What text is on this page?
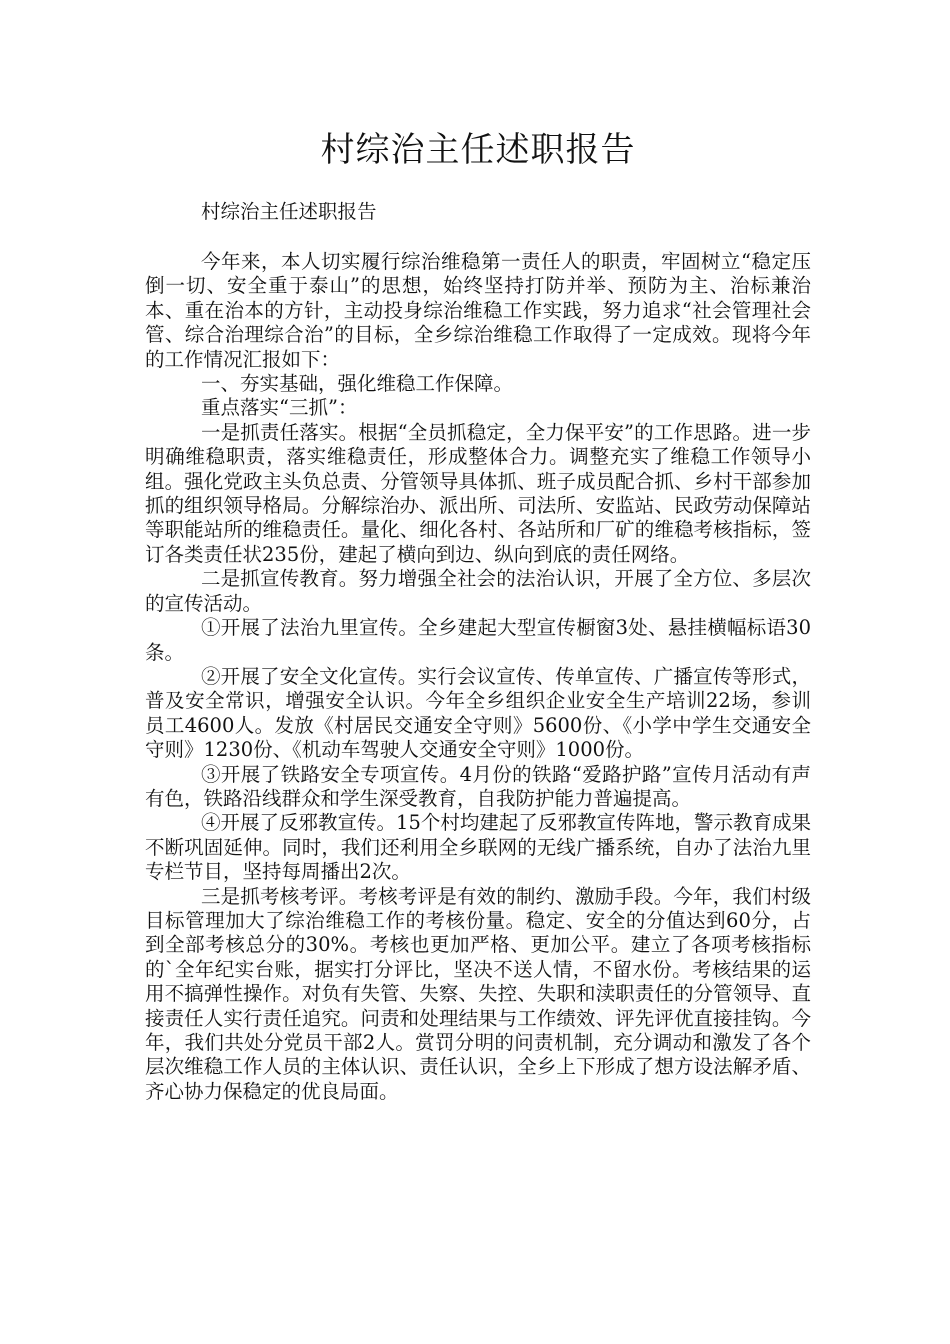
村综治主任述职报告

村综治主任述职报告

今年来，本人切实履行综治维稳第一责任人的职责，牢固树立“稳定压倒一切、安全重于泰山”的思想，始终坚持打防并举、预防为主、治标兼治本、重在治本的方针，主动投身综治维稳工作实践，努力追求“社会管理社会管、综合治理综合治”的目标，全乡综治维稳工作取得了一定成效。现将今年的工作情况汇报如下：

一、夯实基础，强化维稳工作保障。

重点落实“三抓”：

一是抓责任落实。根据“全员抓稳定，全力保平安”的工作思路。进一步明确维稳职责，落实维稳责任，形成整体合力。调整充实了维稳工作领导小组。强化党政主头负总责、分管领导具体抓、班子成员配合抓、乡村干部参加抓的组织领导格局。分解综治办、派出所、司法所、安监站、民政劳动保障站等职能站所的维稳责任。量化、细化各村、各站所和厂矿的维稳考核指标，签订各类责任状235份，建起了横向到边、纵向到底的责任网络。

二是抓宣传教育。努力增强全社会的法治认识，开展了全方位、多层次的宣传活动。

①开展了法治九里宣传。全乡建起大型宣传橱窗3处、悬挂横幅标语30条。

②开展了安全文化宣传。实行会议宣传、传单宣传、广播宣传等形式，普及安全常识，增强安全认识。今年全乡组织企业安全生产培训22场，参训员工4600人。发放《村居民交通安全守则》5600份、《小学中学生交通安全守则》1230份、《机动车驾驶人交通安全守则》1000份。

③开展了铁路安全专项宣传。4月份的铁路“爱路护路”宣传月活动有声有色，铁路沿线群众和学生深受教育，自我防护能力普遍提高。

④开展了反邪教宣传。15个村均建起了反邪教宣传阵地，警示教育成果不断巩固延伸。同时，我们还利用全乡联网的无线广播系统，自办了法治九里专栏节目，坚持每周播出2次。

三是抓考核考评。考核考评是有效的制约、激励手段。今年，我们村级目标管理加大了综治维稳工作的考核份量。稳定、安全的分值达到60分，占到全部考核总分的30%。考核也更加严格、更加公平。建立了各项考核指标的`全年纪实台账，据实打分评比，坚决不送人情，不留水份。考核结果的运用不搞弹性操作。对负有失管、失察、失控、失职和渎职责任的分管领导、直接责任人实行责任追究。问责和处理结果与工作绩效、评先评优直接挂钩。今年，我们共处分党员干部2人。赏罚分明的问责机制，充分调动和激发了各个层次维稳工作人员的主体认识、责任认识，全乡上下形成了想方设法解矛盾、齐心协力保稳定的优良局面。
